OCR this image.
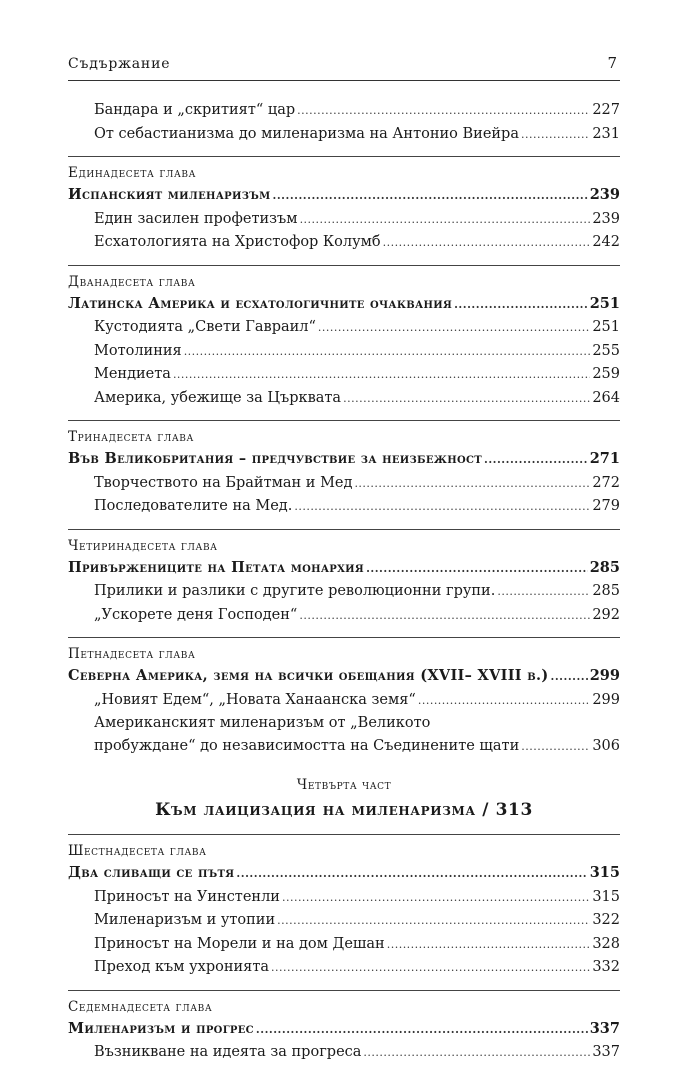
Съдържание	7
Бандара и „скритият“ цар .....	227
От себастианизма до миленаризма на Антонио Виейра .....	231
Единадесета глава
Испанският миленаризъм .....	239
Един засилен профетизъм .....	239
Есхатологията на Христофор Колумб .....	242
Дванадесета глава
Латинска Америка и есхатологичните очаквания .....	251
Кустодията „Свети Гавраил“ .....	251
Мотолиния .....	255
Мендиета .....	259
Америка, убежище за Църквата .....	264
Тринадесета глава
Във Великобритания – предчувствие за неизбежност .....	271
Творчеството на Брайтман и Мед .....	272
Последователите на Мед. .....	279
Четиринадесета глава
Привържениците на Петата монархия .....	285
Прилики и разлики с другите революционни групи. .....	285
„Ускорете деня Господен“ .....	292
Петнадесета глава
Северна Америка, земя на всички обещания (XVII– XVIII в.) .....	299
„Новият Едем“, „Новата Ханаанска земя“ .....	299
Американският миленаризъм от „Великото
пробуждане“ до независимостта на Съединените щати .....	306
Четвърта част
Към лаицизация на миленаризма / 313
Шестнадесета глава
Два сливащи се пътя .....	315
Приносът на Уинстенли .....	315
Миленаризъм и утопии .....	322
Приносът на Морели и на дом Дешан .....	328
Преход към ухронията .....	332
Седемнадесета глава
Миленаризъм и прогрес .....	337
Възникване на идеята за прогреса .....	337
